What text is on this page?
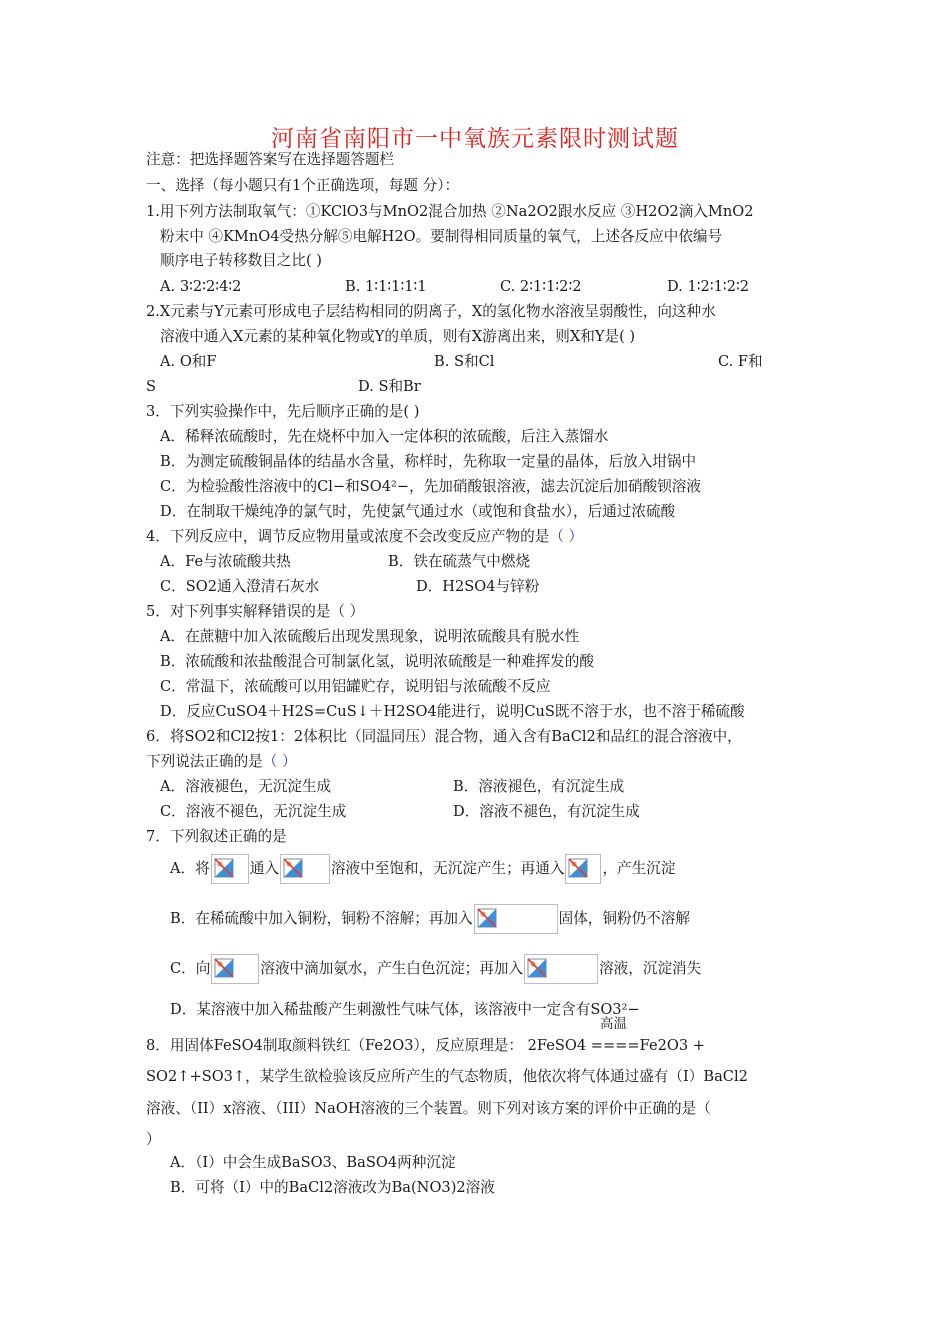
河南省南阳市一中氧族元素限时测试题
注意：把选择题答案写在选择题答题栏
一、选择（每小题只有1个正确选项，每题 分）：
1.用下列方法制取氧气：①KClO3与MnO2混合加热 ②Na2O2跟水反应 ③H2O2滴入MnO2
粉末中 ④KMnO4受热分解⑤电解H2O。要制得相同质量的氧气，上述各反应中依编号
顺序电子转移数目之比( )
A. 3∶2∶2∶4∶2	B. 1∶1∶1∶1∶1	C. 2∶1∶1∶2∶2	D. 1∶2∶1∶2∶2
2.X元素与Y元素可形成电子层结构相同的阴离子，X的氢化物水溶液呈弱酸性，向这种水
溶液中通入X元素的某种氧化物或Y的单质，则有X游离出来，则X和Y是( )
A. O和F	B. S和Cl	C. F和
S	D. S和Br
3．下列实验操作中，先后顺序正确的是( )
A．稀释浓硫酸时，先在烧杯中加入一定体积的浓硫酸，后注入蒸馏水
B．为测定硫酸铜晶体的结晶水含量，称样时，先称取一定量的晶体，后放入坩锅中
C．为检验酸性溶液中的Cl−和SO4²−，先加硝酸银溶液，滤去沉淀后加硝酸钡溶液
D．在制取干燥纯净的氯气时，先使氯气通过水（或饱和食盐水），后通过浓硫酸
4．下列反应中，调节反应物用量或浓度不会改变反应产物的是（ ）
A．Fe与浓硫酸共热	B．铁在硫蒸气中燃烧
C．SO2通入澄清石灰水	D．H2SO4与锌粉
5．对下列事实解释错误的是（ ）
A．在蔗糖中加入浓硫酸后出现发黑现象，说明浓硫酸具有脱水性
B．浓硫酸和浓盐酸混合可制氯化氢，说明浓硫酸是一种难挥发的酸
C．常温下，浓硫酸可以用铝罐贮存，说明铝与浓硫酸不反应
D．反应CuSO4＋H2S=CuS↓＋H2SO4能进行，说明CuS既不溶于水，也不溶于稀硫酸
6．将SO2和Cl2按1：2体积比（同温同压）混合物，通入含有BaCl2和品红的混合溶液中，
下列说法正确的是（ ）
A．溶液褪色，无沉淀生成	B．溶液褪色，有沉淀生成
C．溶液不褪色，无沉淀生成	D．溶液不褪色，有沉淀生成
7．下列叙述正确的是
A．将	通入	溶液中至饱和，无沉淀产生；再通入	，产生沉淀
B．在稀硫酸中加入铜粉，铜粉不溶解；再加入	固体，铜粉仍不溶解
C．向	溶液中滴加氨水，产生白色沉淀；再加入	溶液，沉淀消失
D．某溶液中加入稀盐酸产生刺激性气味气体，该溶液中一定含有SO3²−
高温
8．用固体FeSO4制取颜料铁红（Fe2O3），反应原理是： 2FeSO4 ====Fe2O3 +
SO2↑+SO3↑，某学生欲检验该反应所产生的气态物质，他依次将气体通过盛有（I）BaCl2
溶液、（II）x溶液、（III）NaOH溶液的三个装置。则下列对该方案的评价中正确的是（
）
A．（I）中会生成BaSO3、BaSO4两种沉淀
B．可将（I）中的BaCl2溶液改为Ba(NO3)2溶液
